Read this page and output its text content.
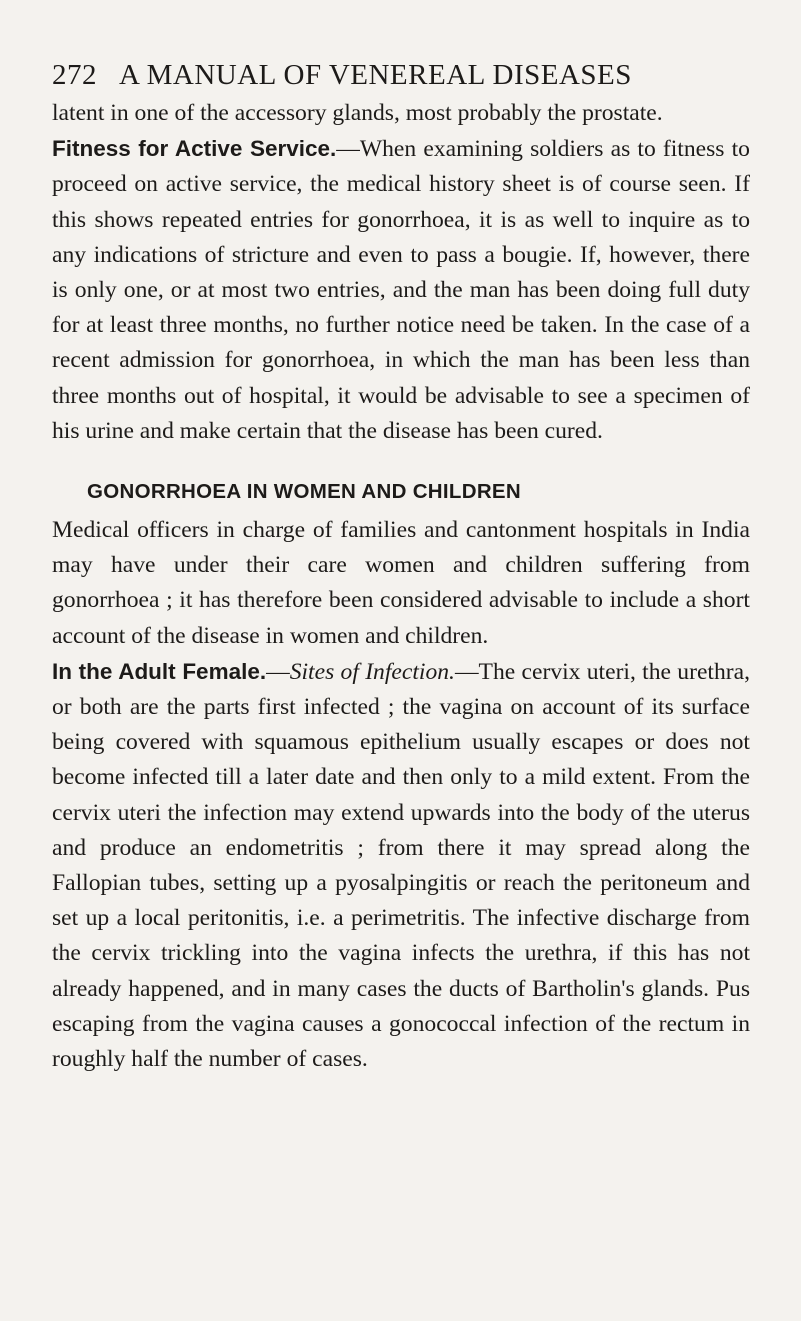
272 A MANUAL OF VENEREAL DISEASES

latent in one of the accessory glands, most probably the prostate.

Fitness for Active Service.—When examining soldiers as to fitness to proceed on active service, the medical history sheet is of course seen. If this shows repeated entries for gonorrhoea, it is as well to inquire as to any indications of stricture and even to pass a bougie. If, however, there is only one, or at most two entries, and the man has been doing full duty for at least three months, no further notice need be taken. In the case of a recent admission for gonorrhoea, in which the man has been less than three months out of hospital, it would be advisable to see a specimen of his urine and make certain that the disease has been cured.

GONORRHOEA IN WOMEN AND CHILDREN

Medical officers in charge of families and cantonment hospitals in India may have under their care women and children suffering from gonorrhoea ; it has therefore been considered advisable to include a short account of the disease in women and children.

In the Adult Female.—Sites of Infection.—The cervix uteri, the urethra, or both are the parts first infected ; the vagina on account of its surface being covered with squamous epithelium usually escapes or does not become infected till a later date and then only to a mild extent. From the cervix uteri the infection may extend upwards into the body of the uterus and produce an endometritis ; from there it may spread along the Fallopian tubes, setting up a pyosalpingitis or reach the peritoneum and set up a local peritonitis, i.e. a perimetritis. The infective discharge from the cervix trickling into the vagina infects the urethra, if this has not already happened, and in many cases the ducts of Bartholin's glands. Pus escaping from the vagina causes a gonococcal infection of the rectum in roughly half the number of cases.
